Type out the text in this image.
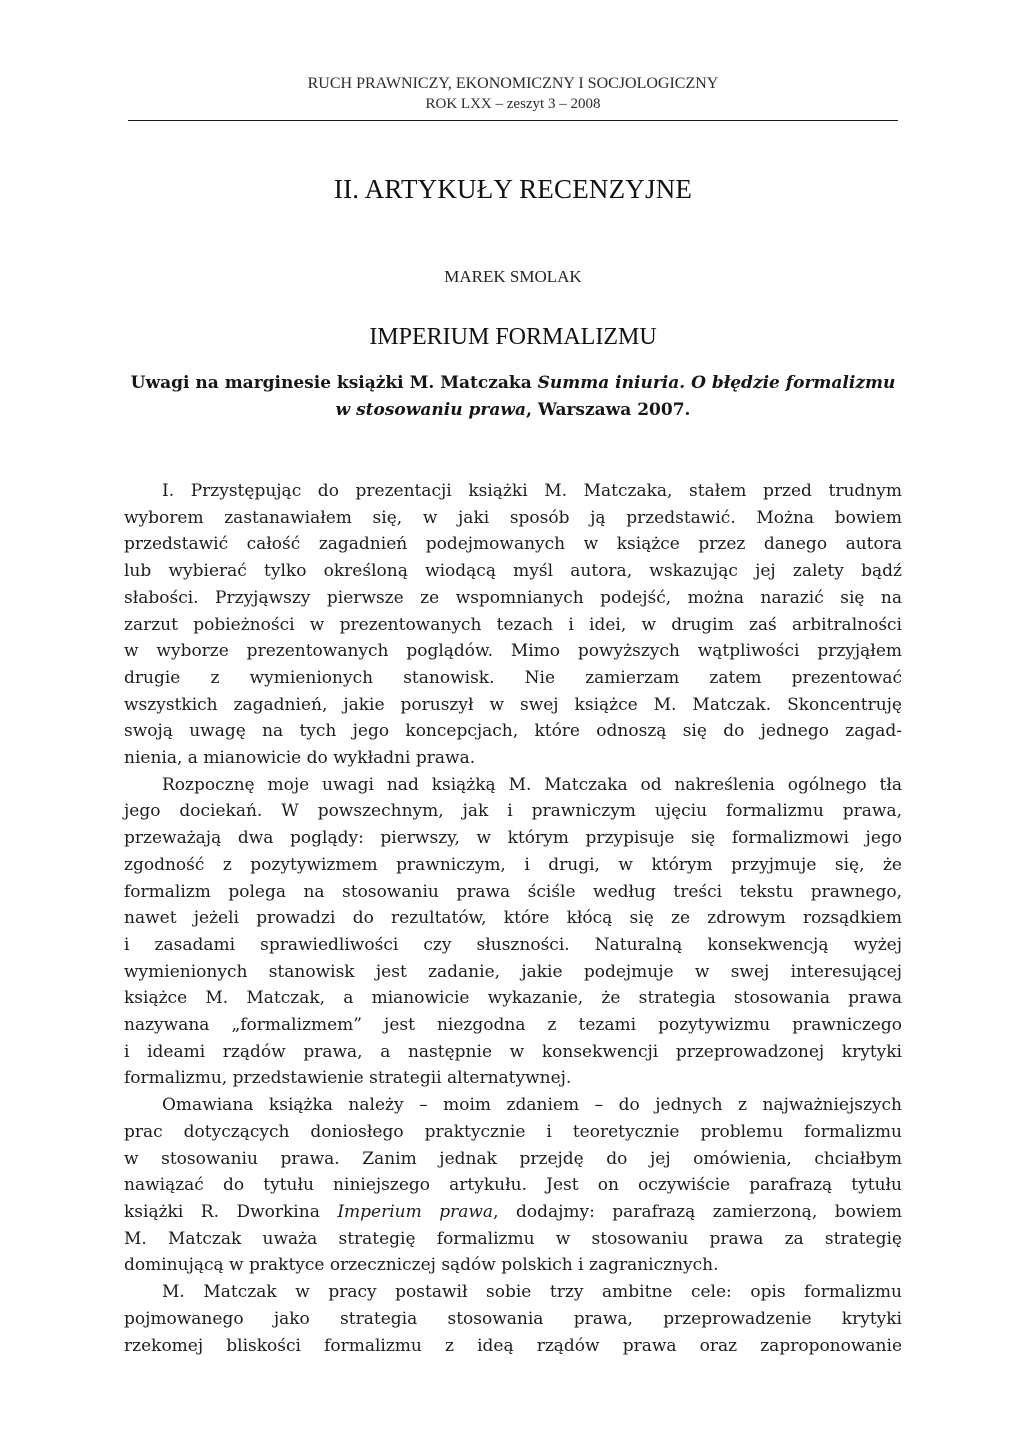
RUCH PRAWNICZY, EKONOMICZNY I SOCJOLOGICZNY
ROK LXX – zeszyt 3 – 2008
II. ARTYKUŁY RECENZYJNE
MAREK SMOLAK
IMPERIUM FORMALIZMU
Uwagi na marginesie książki M. Matczaka Summa iniuria. O błędzie formalizmu w stosowaniu prawa, Warszawa 2007.
I. Przystępując do prezentacji książki M. Matczaka, stałem przed trudnym
wyborem zastanawiałem się, w jaki sposób ją przedstawić. Można bowiem
przedstawić całość zagadnień podejmowanych w książce przez danego autora
lub wybierać tylko określoną wiodącą myśl autora, wskazując jej zalety bądź
słabości. Przyjąwszy pierwsze ze wspomnianych podejść, można narazić się na
zarzut pobieżności w prezentowanych tezach i idei, w drugim zaś arbitralności
w wyborze prezentowanych poglądów. Mimo powyższych wątpliwości przyjąłem
drugie z wymienionych stanowisk. Nie zamierzam zatem prezentować
wszystkich zagadnień, jakie poruszył w swej książce M. Matczak. Skoncentruję
swoją uwagę na tych jego koncepcjach, które odnoszą się do jednego zagad-
nienia, a mianowicie do wykładni prawa.
Rozpocznę moje uwagi nad książką M. Matczaka od nakreślenia ogólnego tła
jego dociekań. W powszechnym, jak i prawniczym ujęciu formalizmu prawa,
przeważają dwa poglądy: pierwszy, w którym przypisuje się formalizmowi jego
zgodność z pozytywizmem prawniczym, i drugi, w którym przyjmuje się, że
formalizm polega na stosowaniu prawa ściśle według treści tekstu prawnego,
nawet jeżeli prowadzi do rezultatów, które kłócą się ze zdrowym rozsądkiem
i zasadami sprawiedliwości czy słuszności. Naturalną konsekwencją wyżej
wymienionych stanowisk jest zadanie, jakie podejmuje w swej interesującej
książce M. Matczak, a mianowicie wykazanie, że strategia stosowania prawa
nazywana „formalizmem” jest niezgodna z tezami pozytywizmu prawniczego
i ideami rządów prawa, a następnie w konsekwencji przeprowadzonej krytyki
formalizmu, przedstawienie strategii alternatywnej.
Omawiana książka należy – moim zdaniem – do jednych z najważniejszych
prac dotyczących doniosłego praktycznie i teoretycznie problemu formalizmu
w stosowaniu prawa. Zanim jednak przejdę do jej omówienia, chciałbym
nawiązać do tytułu niniejszego artykułu. Jest on oczywiście parafrazą tytułu
książki R. Dworkina Imperium prawa, dodajmy: parafrazą zamierzoną, bowiem
M. Matczak uważa strategię formalizmu w stosowaniu prawa za strategię
dominującą w praktyce orzeczniczej sądów polskich i zagranicznych.
M. Matczak w pracy postawił sobie trzy ambitne cele: opis formalizmu
pojmowanego jako strategia stosowania prawa, przeprowadzenie krytyki
rzekomej bliskości formalizmu z ideą rządów prawa oraz zaproponowanie
